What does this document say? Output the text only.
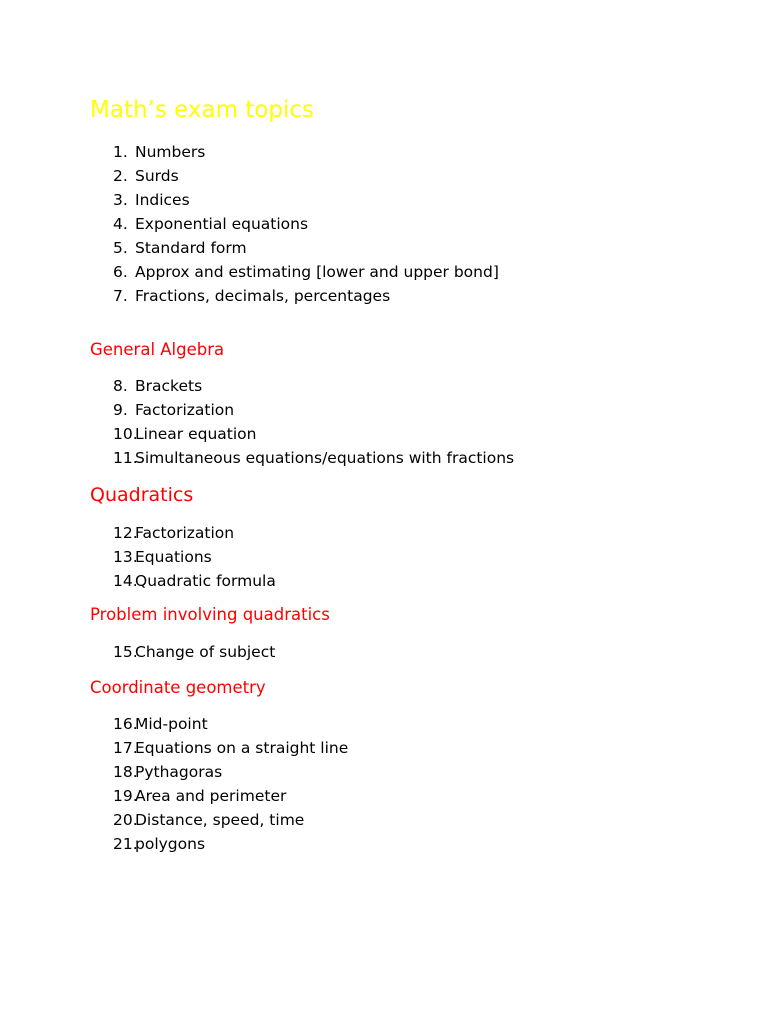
Math’s exam topics
1. Numbers
2. Surds
3. Indices
4. Exponential equations
5. Standard form
6. Approx and estimating [lower and upper bond]
7. Fractions, decimals, percentages
General Algebra
8. Brackets
9. Factorization
10.
Linear equation
11.
Simultaneous equations/equations with fractions
Quadratics
12.
Factorization
13.
Equations
14.
Quadratic formula
Problem involving quadratics
15.
Change of subject
Coordinate geometry
16.
Mid-point
17.
Equations on a straight line
18.
Pythagoras
19.
Area and perimeter
20.
Distance, speed, time
21.
polygons
